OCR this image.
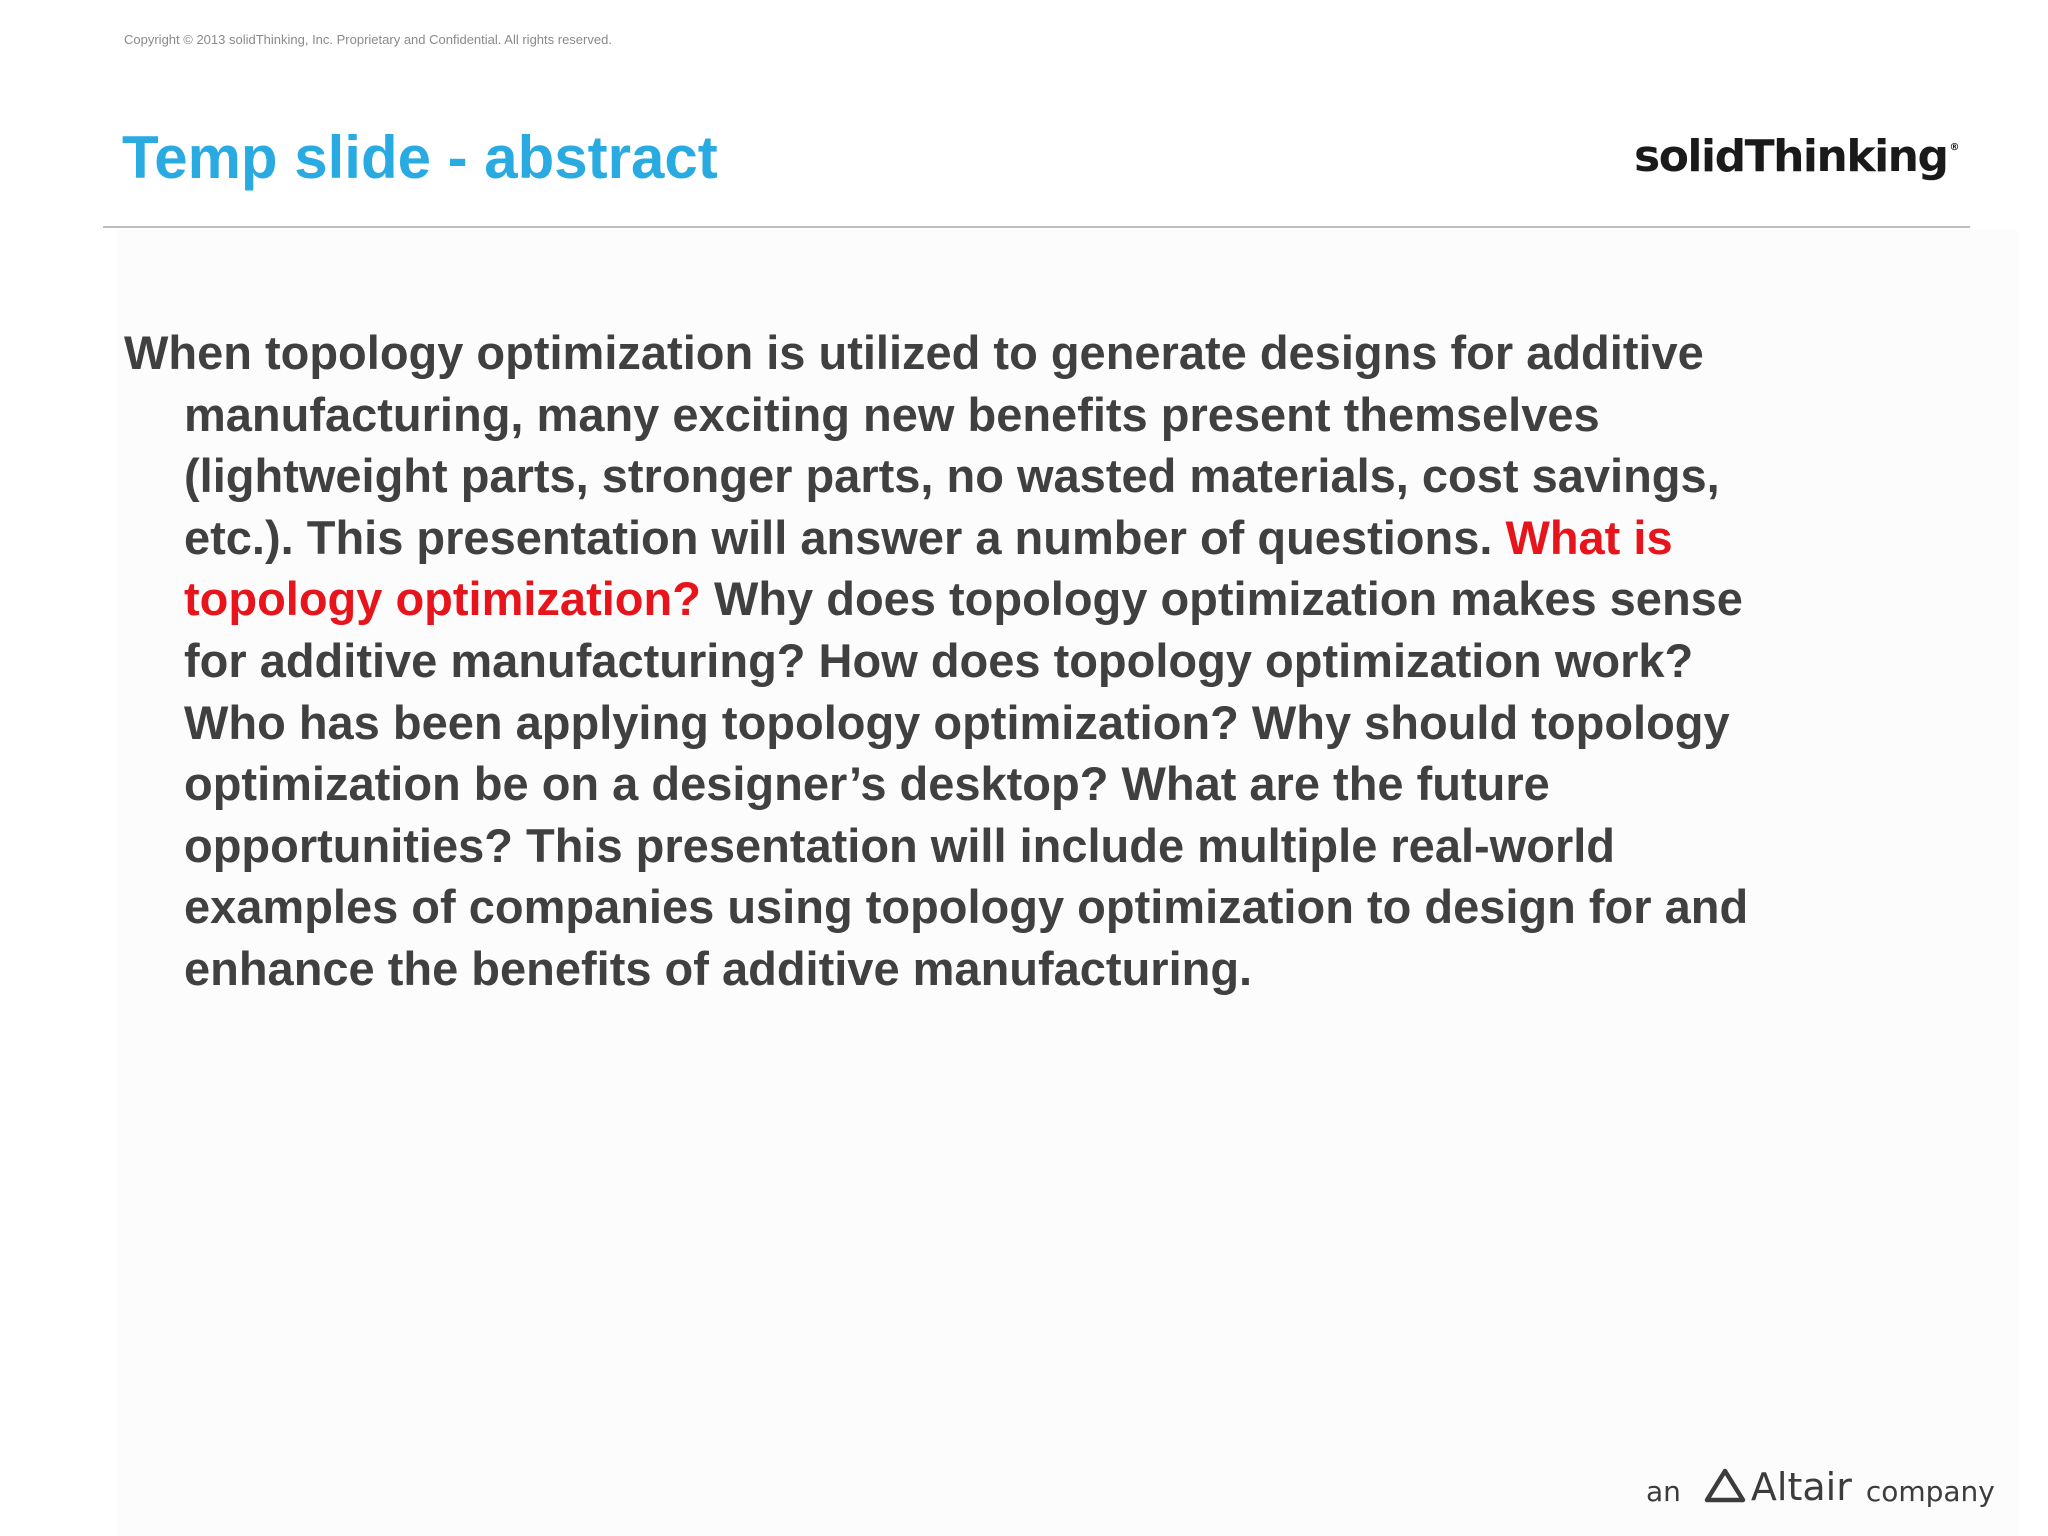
Copyright © 2013 solidThinking, Inc. Proprietary and Confidential. All rights reserved.
Temp slide - abstract	solidThinking ®
When topology optimization is utilized to generate designs for additive
manufacturing, many exciting new benefits present themselves
(lightweight parts, stronger parts, no wasted materials, cost savings,
etc.). This presentation will answer a number of questions. What is
topology optimization? Why does topology optimization makes sense
for additive manufacturing? How does topology optimization work?
Who has been applying topology optimization? Why should topology
optimization be on a designer’s desktop? What are the future
opportunities? This presentation will include multiple real-world
examples of companies using topology optimization to design for and
enhance the benefits of additive manufacturing.
an Altair company
